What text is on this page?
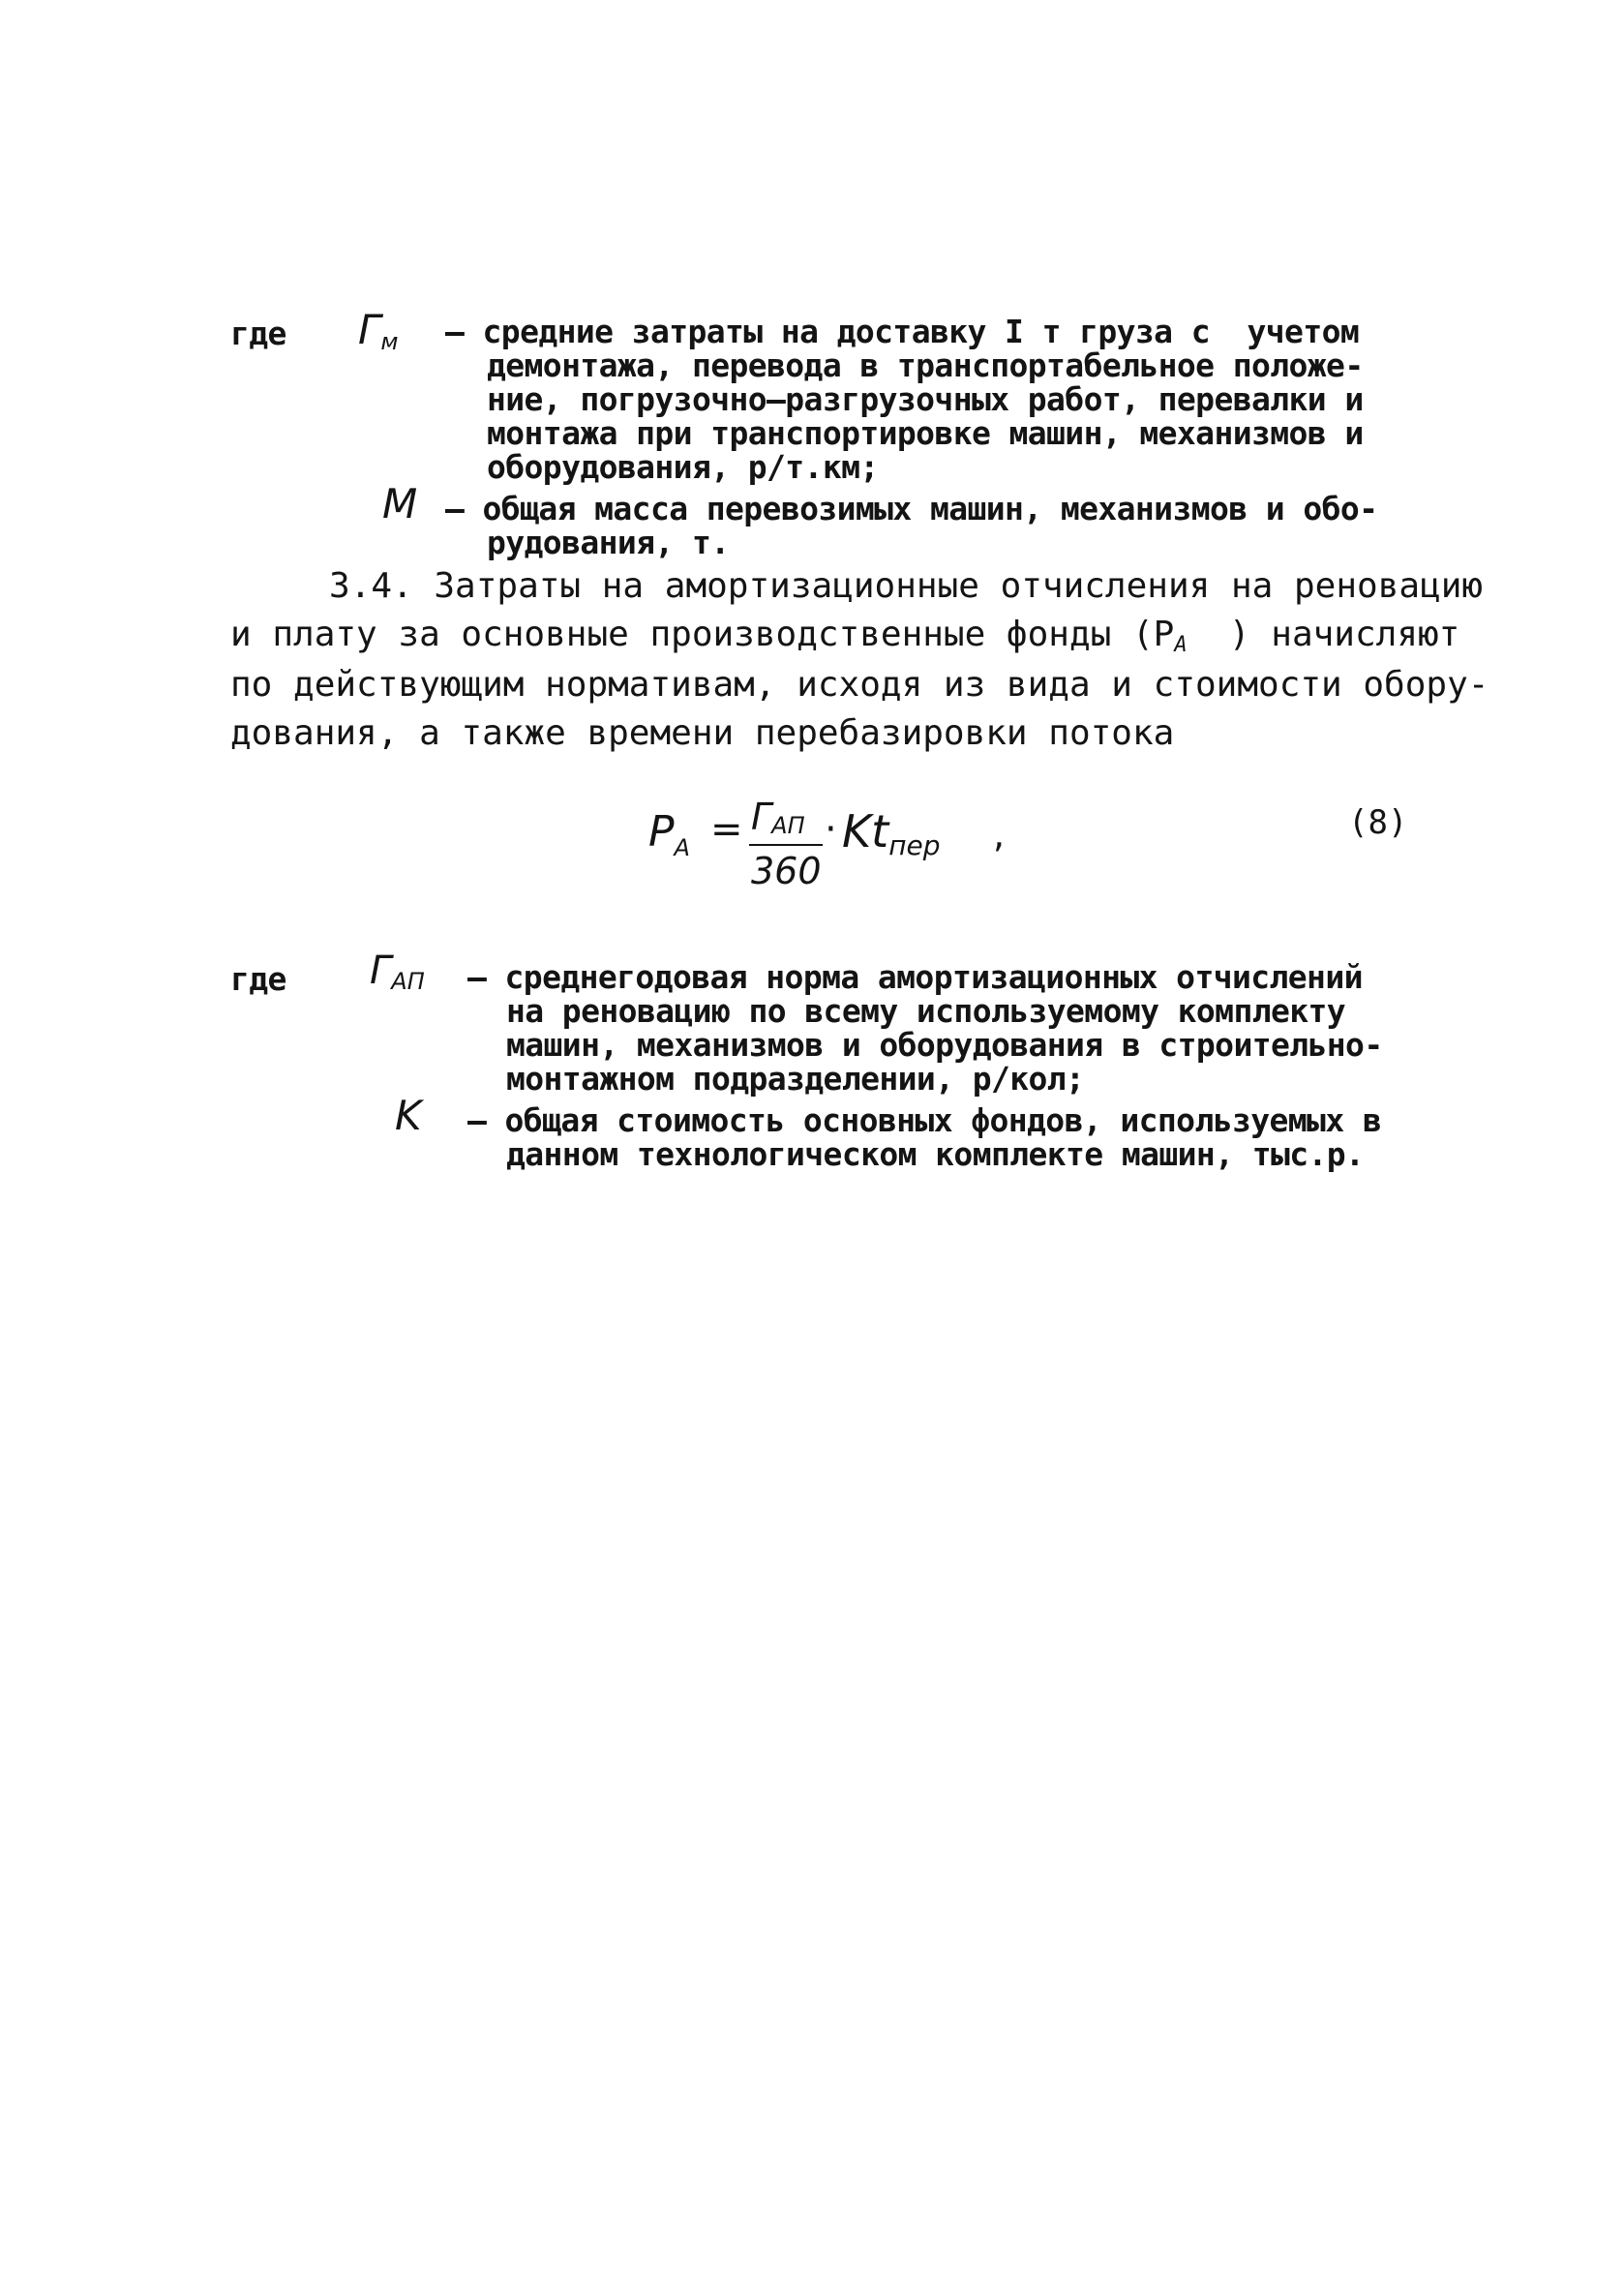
где $Г_м$ – средние затраты на доставку I т груза с  учетом
демонтажа, перевода в транспортабельное положе-
ние, погрузочно–разгрузочных работ, перевалки и
монтажа при транспортировке машин, механизмов и
оборудования, р/т.км;
M – общая масса перевозимых машин, механизмов и обо-
рудования, т.
3.4. Затраты на амортизационные отчисления на реновацию
и плату за основные производственные фонды ($Р_А$  ) начисляют
по действующим нормативам, исходя из вида и стоимости обору-
дования, а также времени перебазировки потока
$P_A = Г_{АП}$
360
· $Kt_{пер}$ ,	(8)
где $Г_{АП}$ – среднегодовая норма амортизационных отчислений
на реновацию по всему используемому комплекту
машин, механизмов и оборудования в строительно-
монтажном подразделении, р/кол;
K – общая стоимость основных фондов, используемых в
данном технологическом комплекте машин, тыс.р.
